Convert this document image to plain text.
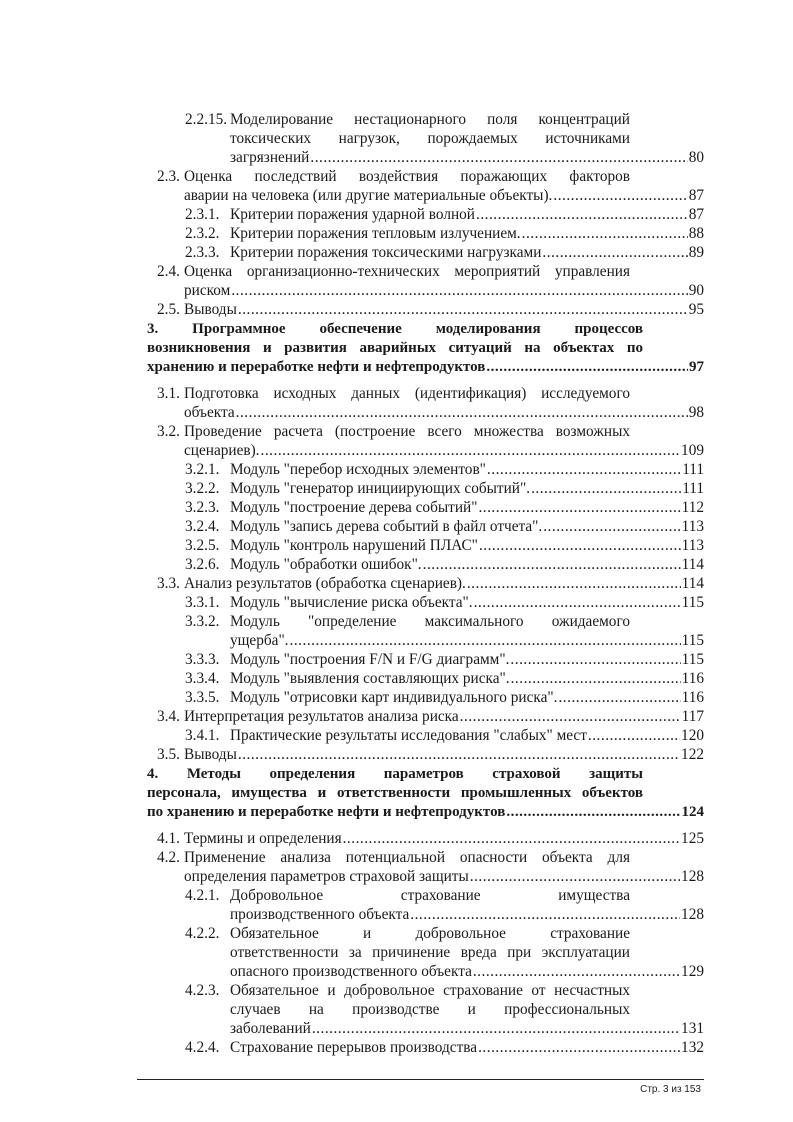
2.2.15. Моделирование нестационарного поля концентраций
токсических нагрузок, порождаемых источниками
загрязнений .....	80
2.3. Оценка последствий воздействия поражающих факторов
аварии на человека (или другие материальные объекты). .....	87
2.3.1. Критерии поражения ударной волной .....	87
2.3.2. Критерии поражения тепловым излучением. .....	88
2.3.3. Критерии поражения токсическими нагрузками .....	89
2.4. Оценка организационно-технических мероприятий управления
риском .....	90
2.5. Выводы .....	95
3. Программное обеспечение моделирования процессов
возникновения и развития аварийных ситуаций на объектах по
хранению и переработке нефти и нефтепродуктов .....	97
3.1. Подготовка исходных данных (идентификация) исследуемого
объекта .....	98
3.2. Проведение расчета (построение всего множества возможных
сценариев). .....	109
3.2.1. Модуль "перебор исходных элементов" .....	111
3.2.2. Модуль "генератор инициирующих событий". .....	111
3.2.3. Модуль "построение дерева событий" .....	112
3.2.4. Модуль "запись дерева событий в файл отчета". .....	113
3.2.5. Модуль "контроль нарушений ПЛАС" .....	113
3.2.6. Модуль "обработки ошибок". .....	114
3.3. Анализ результатов (обработка сценариев). .....	114
3.3.1. Модуль "вычисление риска объекта". .....	115
3.3.2. Модуль "определение максимального ожидаемого
ущерба". .....	115
3.3.3. Модуль "построения F/N и F/G диаграмм". .....	115
3.3.4. Модуль "выявления составляющих риска". .....	116
3.3.5. Модуль "отрисовки карт индивидуального риска". .....	116
3.4. Интерпретация результатов анализа риска .....	117
3.4.1. Практические результаты исследования "слабых" мест .....	120
3.5. Выводы .....	122
4. Методы определения параметров страховой защиты
персонала, имущества и ответственности промышленных объектов
по хранению и переработке нефти и нефтепродуктов .....	124
4.1. Термины и определения .....	125
4.2. Применение анализа потенциальной опасности объекта для
определения параметров страховой защиты .....	128
4.2.1. Добровольное страхование имущества
производственного объекта .....	128
4.2.2. Обязательное и добровольное страхование
ответственности за причинение вреда при эксплуатации
опасного производственного объекта .....	129
4.2.3. Обязательное и добровольное страхование от несчастных
случаев на производстве и профессиональных
заболеваний .....	131
4.2.4. Страхование перерывов производства .....	132
Стр. 3 из 153
